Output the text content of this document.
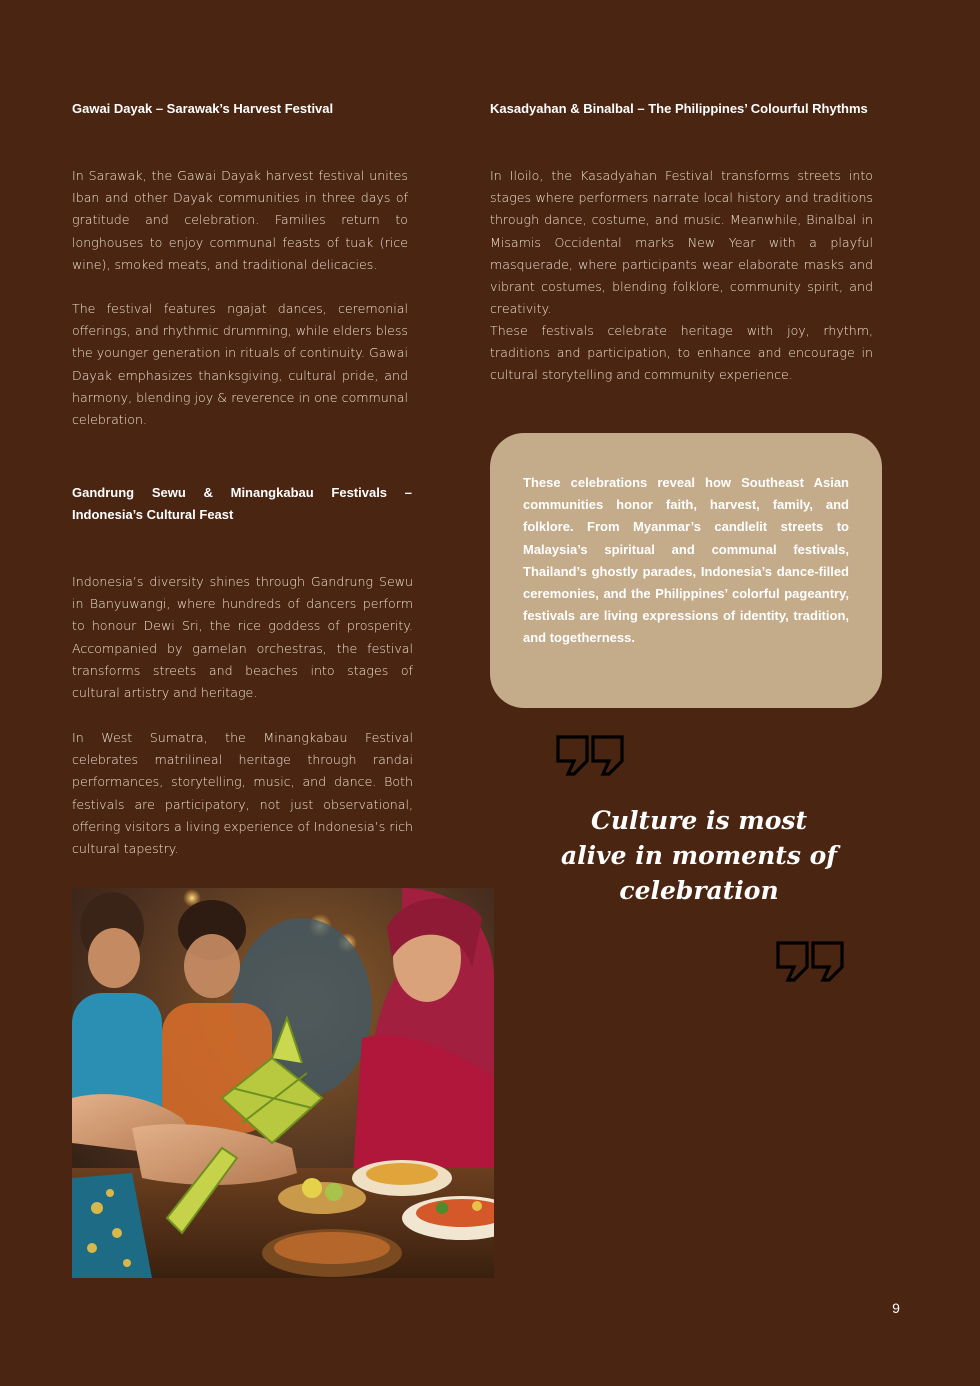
Gawai Dayak – Sarawak’s Harvest Festival

In Sarawak, the Gawai Dayak harvest festival unites Iban and other Dayak communities in three days of gratitude and celebration. Families return to longhouses to enjoy communal feasts of tuak (rice wine), smoked meats, and traditional delicacies.

The festival features ngajat dances, ceremonial offerings, and rhythmic drumming, while elders bless the younger generation in rituals of continuity. Gawai Dayak emphasizes thanksgiving, cultural pride, and harmony, blending joy & reverence in one communal celebration.

Gandrung Sewu & Minangkabau Festivals – Indonesia’s Cultural Feast

Indonesia’s diversity shines through Gandrung Sewu in Banyuwangi, where hundreds of dancers perform to honour Dewi Sri, the rice goddess of prosperity. Accompanied by gamelan orchestras, the festival transforms streets and beaches into stages of cultural artistry and heritage.

In West Sumatra, the Minangkabau Festival celebrates matrilineal heritage through randai performances, storytelling, music, and dance. Both festivals are participatory, not just observational, offering visitors a living experience of Indonesia’s rich cultural tapestry.

Kasadyahan & Binalbal – The Philippines’ Colourful Rhythms

In Iloilo, the Kasadyahan Festival transforms streets into stages where performers narrate local history and traditions through dance, costume, and music. Meanwhile, Binalbal in Misamis Occidental marks New Year with a playful masquerade, where participants wear elaborate masks and vibrant costumes, blending folklore, community spirit, and creativity.

These festivals celebrate heritage with joy, rhythm, traditions and participation, to enhance and encourage in cultural storytelling and community experience.

These celebrations reveal how Southeast Asian communities honor faith, harvest, family, and folklore. From Myanmar’s candlelit streets to Malaysia’s spiritual and communal festivals, Thailand’s ghostly parades, Indonesia’s dance-filled ceremonies, and the Philippines’ colorful pageantry, festivals are living expressions of identity, tradition, and togetherness.

Culture is most alive in moments of celebration
9
